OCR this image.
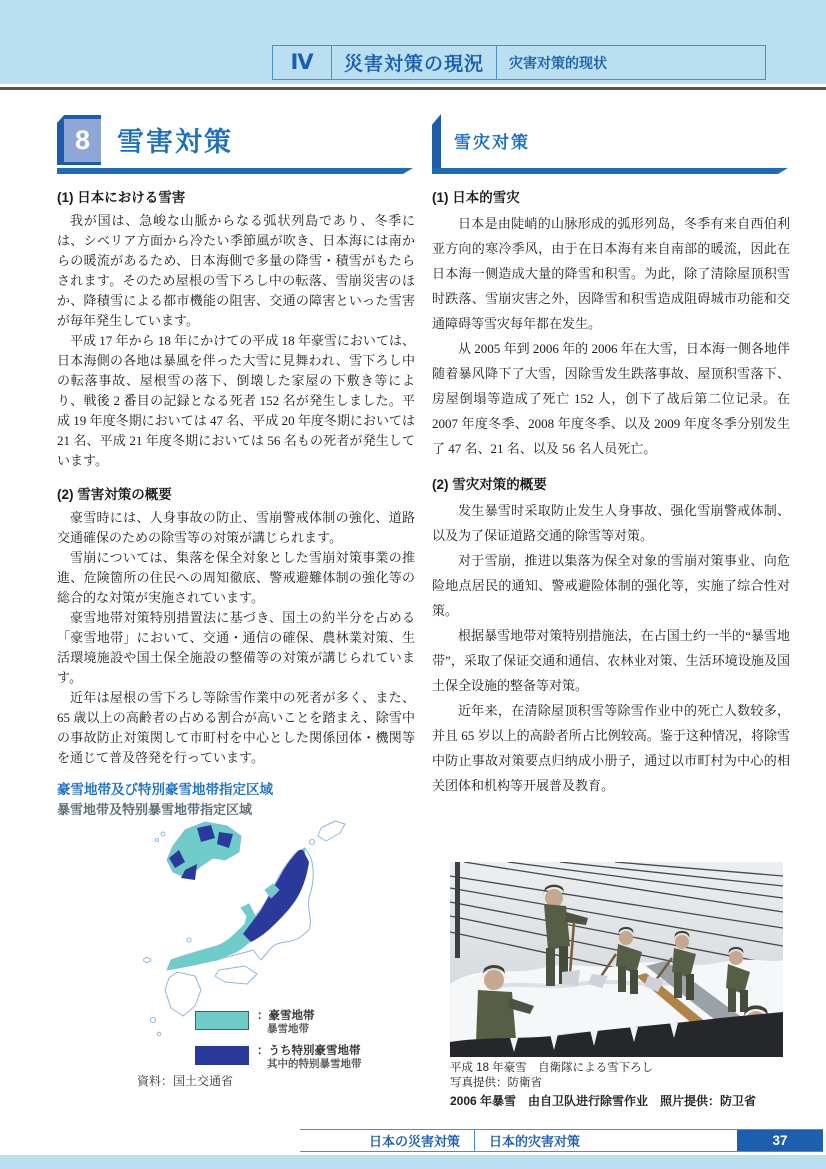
Ⅳ	災害対策の現況	灾害对策的现状
8 雪害対策
(1) 日本における雪害

我が国は、急峻な山脈からなる弧状列島であり、冬季には、シベリア方面から冷たい季節風が吹き、日本海には南からの暖流があるため、日本海側で多量の降雪・積雪がもたらされます。そのため屋根の雪下ろし中の転落、雪崩災害のほか、降積雪による都市機能の阻害、交通の障害といった雪害が毎年発生しています。

平成 17 年から 18 年にかけての平成 18 年豪雪においては、日本海側の各地は暴風を伴った大雪に見舞われ、雪下ろし中の転落事故、屋根雪の落下、倒壊した家屋の下敷き等により、戦後 2 番目の記録となる死者 152 名が発生しました。平成 19 年度冬期においては 47 名、平成 20 年度冬期においては 21 名、平成 21 年度冬期においては 56 名もの死者が発生しています。

(2) 雪害対策の概要

豪雪時には、人身事故の防止、雪崩警戒体制の強化、道路交通確保のための除雪等の対策が講じられます。

雪崩については、集落を保全対象とした雪崩対策事業の推進、危険箇所の住民への周知徹底、警戒避難体制の強化等の総合的な対策が実施されています。

豪雪地帯対策特別措置法に基づき、国土の約半分を占める「豪雪地帯」において、交通・通信の確保、農林業対策、生活環境施設や国土保全施設の整備等の対策が講じられています。

近年は屋根の雪下ろし等除雪作業中の死者が多く、また、65 歳以上の高齢者の占める割合が高いことを踏まえ、除雪中の事故防止対策関して市町村を中心とした関係団体・機関等を通じて普及啓発を行っています。

雪灾对策
(1) 日本的雪灾

日本是由陡峭的山脉形成的弧形列岛，冬季有来自西伯利亚方向的寒冷季风，由于在日本海有来自南部的暖流，因此在日本海一侧造成大量的降雪和积雪。为此，除了清除屋顶积雪时跌落、雪崩灾害之外，因降雪和积雪造成阻碍城市功能和交通障碍等雪灾每年都在发生。

从 2005 年到 2006 年的 2006 年在大雪，日本海一侧各地伴随着暴风降下了大雪，因除雪发生跌落事故、屋顶积雪落下、房屋倒塌等造成了死亡 152 人，创下了战后第二位记录。在 2007 年度冬季、2008 年度冬季、以及 2009 年度冬季分别发生了 47 名、21 名、以及 56 名人员死亡。

(2) 雪灾对策的概要

发生暴雪时采取防止发生人身事故、强化雪崩警戒体制、以及为了保证道路交通的除雪等对策。

对于雪崩，推进以集落为保全对象的雪崩对策事业、向危险地点居民的通知、警戒避险体制的强化等，实施了综合性对策。

根据暴雪地带对策特别措施法，在占国土约一半的“暴雪地带”，采取了保证交通和通信、农林业对策、生活环境设施及国土保全设施的整备等对策。

近年来，在清除屋顶积雪等除雪作业中的死亡人数较多，并且 65 岁以上的高龄者所占比例较高。鉴于这种情况，将除雪中防止事故对策要点归纳成小册子，通过以市町村为中心的相关团体和机构等开展普及教育。

豪雪地帯及び特別豪雪地帯指定区域

暴雪地带及特别暴雪地带指定区域

：豪雪地帯
暴雪地带
：うち特別豪雪地帯
其中的特别暴雪地带
資料：国土交通省

平成 18 年豪雪　自衛隊による雪下ろし
写真提供：防衛省

2006 年暴雪　由自卫队进行除雪作业　照片提供：防卫省

日本の災害対策	日本的灾害对策	37
